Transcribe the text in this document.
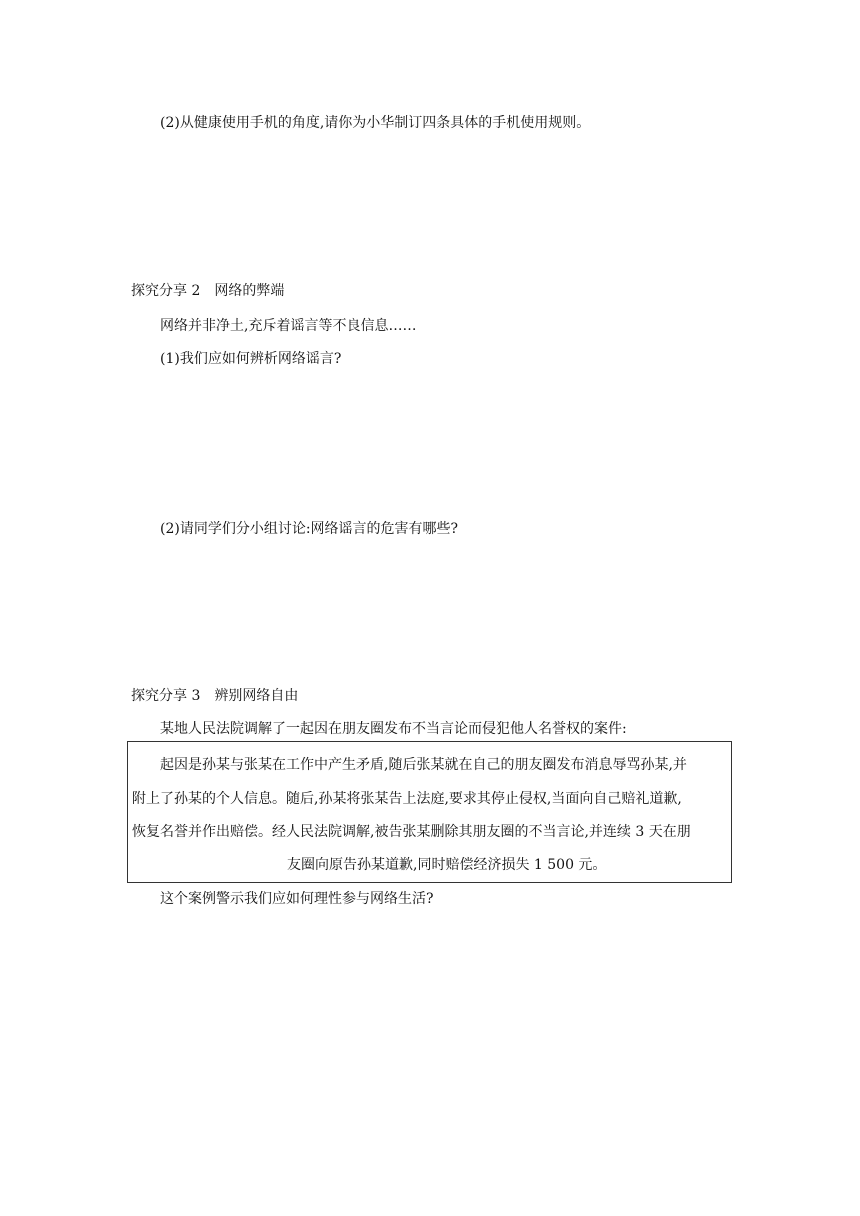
(2)从健康使用手机的角度,请你为小华制订四条具体的手机使用规则。
探究分享 2　网络的弊端
网络并非净土,充斥着谣言等不良信息……
(1)我们应如何辨析网络谣言?
(2)请同学们分小组讨论:网络谣言的危害有哪些?
探究分享 3　辨别网络自由
某地人民法院调解了一起因在朋友圈发布不当言论而侵犯他人名誉权的案件:
起因是孙某与张某在工作中产生矛盾,随后张某就在自己的朋友圈发布消息辱骂孙某,并
附上了孙某的个人信息。随后,孙某将张某告上法庭,要求其停止侵权,当面向自己赔礼道歉,
恢复名誉并作出赔偿。经人民法院调解,被告张某删除其朋友圈的不当言论,并连续 3 天在朋
友圈向原告孙某道歉,同时赔偿经济损失 1 500 元。
这个案例警示我们应如何理性参与网络生活?
